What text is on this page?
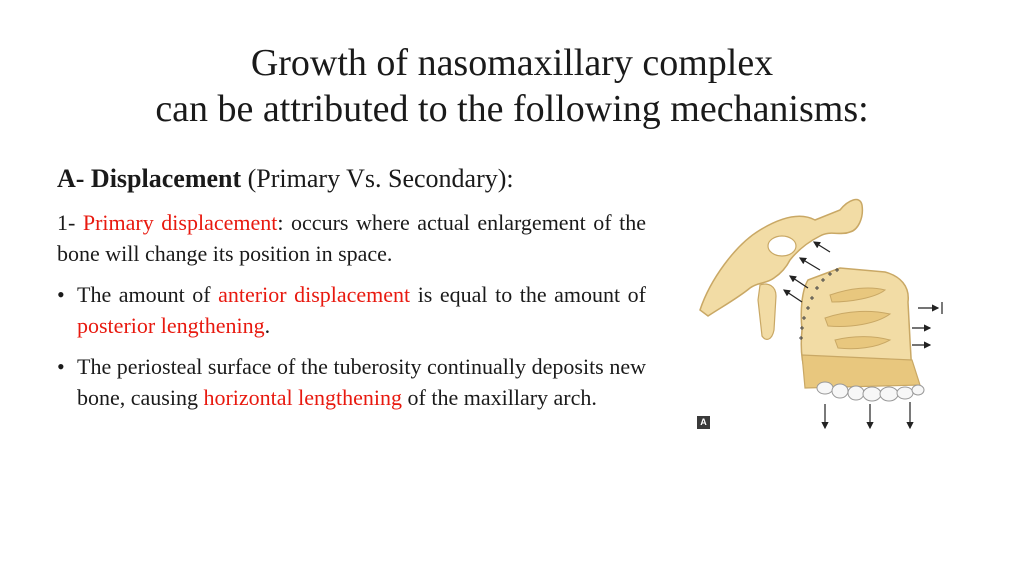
Growth of nasomaxillary complex
can be attributed to the following mechanisms:
A- Displacement (Primary Vs. Secondary):
1- Primary displacement: occurs where actual enlargement of the bone will change its position in space.
• The amount of anterior displacement is equal to the amount of posterior lengthening.
• The periosteal surface of the tuberosity continually deposits new bone, causing horizontal lengthening of the maxillary arch.
A
